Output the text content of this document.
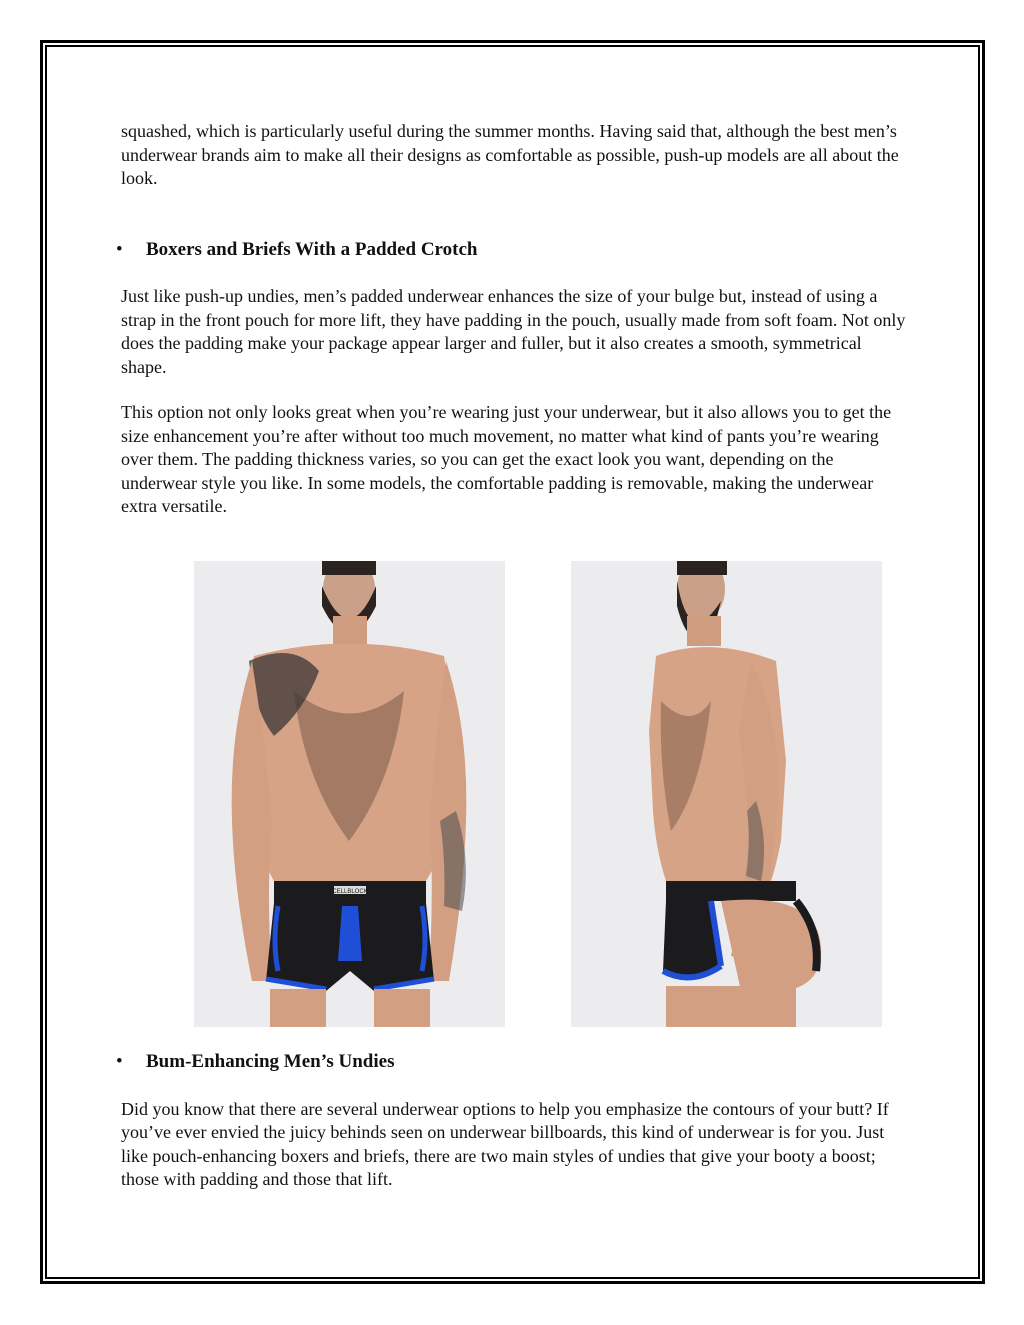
squashed, which is particularly useful during the summer months. Having said that, although the best men’s underwear brands aim to make all their designs as comfortable as possible, push-up models are all about the look.

• Boxers and Briefs With a Padded Crotch

Just like push-up undies, men’s padded underwear enhances the size of your bulge but, instead of using a strap in the front pouch for more lift, they have padding in the pouch, usually made from soft foam. Not only does the padding make your package appear larger and fuller, but it also creates a smooth, symmetrical shape.

This option not only looks great when you’re wearing just your underwear, but it also allows you to get the size enhancement you’re after without too much movement, no matter what kind of pants you’re wearing over them. The padding thickness varies, so you can get the exact look you want, depending on the underwear style you like. In some models, the comfortable padding is removable, making the underwear extra versatile.

CELLBLOCK
• Bum-Enhancing Men’s Undies

Did you know that there are several underwear options to help you emphasize the contours of your butt? If you’ve ever envied the juicy behinds seen on underwear billboards, this kind of underwear is for you. Just like pouch-enhancing boxers and briefs, there are two main styles of undies that give your booty a boost; those with padding and those that lift.
